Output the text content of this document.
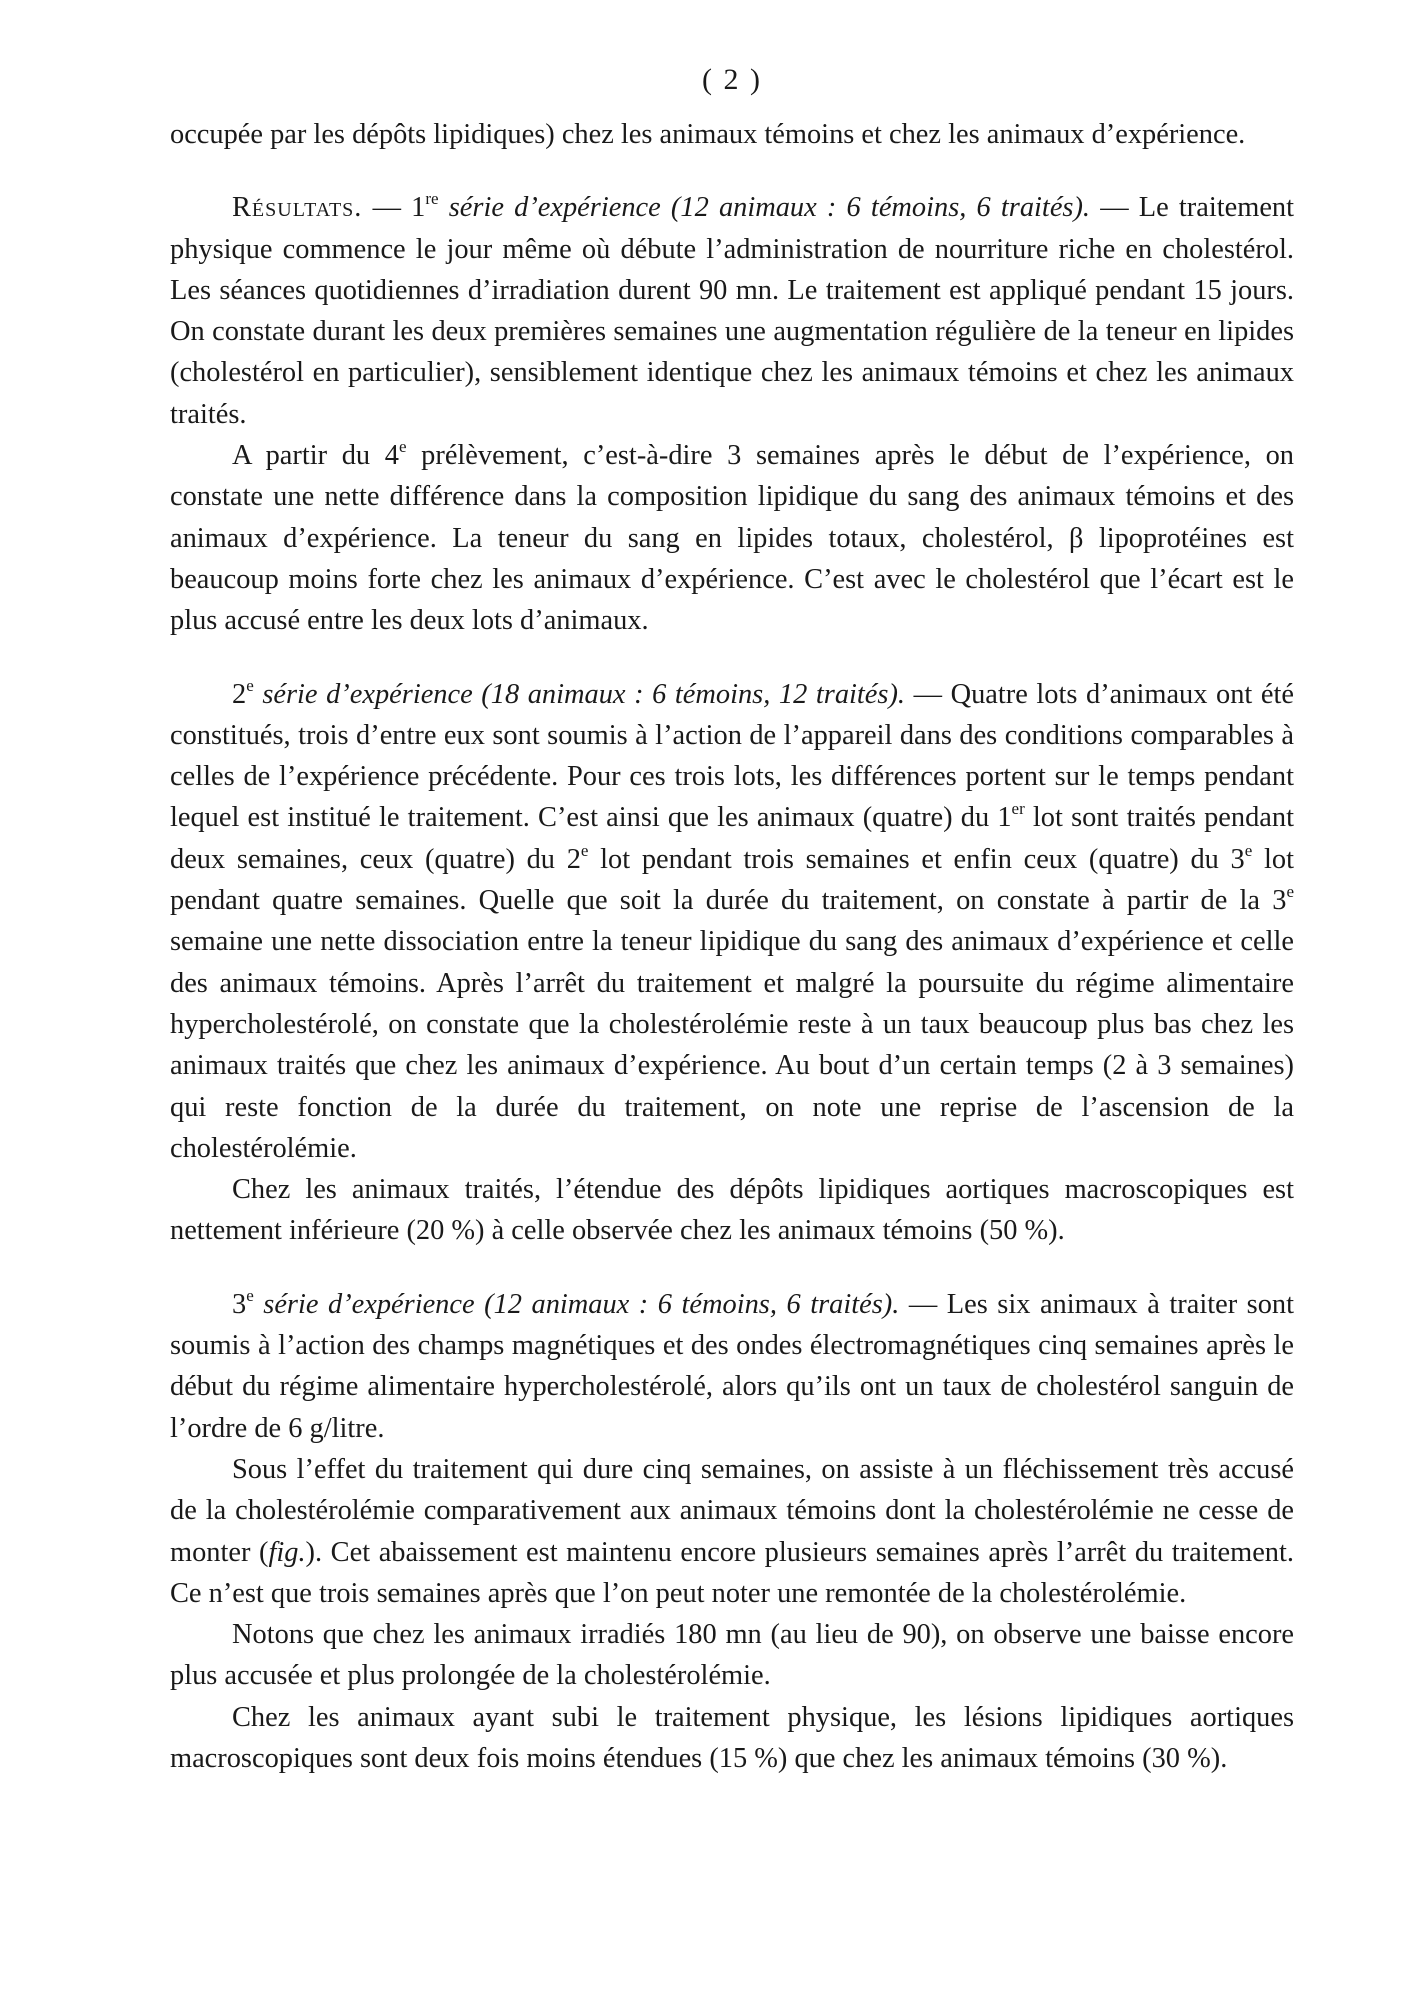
( 2 )

occupée par les dépôts lipidiques) chez les animaux témoins et chez les animaux d’expérience.

Résultats. — 1re série d’expérience (12 animaux : 6 témoins, 6 traités). — Le traitement physique commence le jour même où débute l’administration de nourriture riche en cholestérol. Les séances quotidiennes d’irradiation durent 90 mn. Le traitement est appliqué pendant 15 jours. On constate durant les deux premières semaines une augmentation régulière de la teneur en lipides (cholestérol en particulier), sensiblement identique chez les animaux témoins et chez les animaux traités.

A partir du 4e prélèvement, c’est-à-dire 3 semaines après le début de l’expérience, on constate une nette différence dans la composition lipidique du sang des animaux témoins et des animaux d’expérience. La teneur du sang en lipides totaux, cholestérol, β lipoprotéines est beaucoup moins forte chez les animaux d’expérience. C’est avec le cholestérol que l’écart est le plus accusé entre les deux lots d’animaux.

2e série d’expérience (18 animaux : 6 témoins, 12 traités). — Quatre lots d’animaux ont été constitués, trois d’entre eux sont soumis à l’action de l’appareil dans des conditions comparables à celles de l’expérience précédente. Pour ces trois lots, les différences portent sur le temps pendant lequel est institué le traitement. C’est ainsi que les animaux (quatre) du 1er lot sont traités pendant deux semaines, ceux (quatre) du 2e lot pendant trois semaines et enfin ceux (quatre) du 3e lot pendant quatre semaines. Quelle que soit la durée du traitement, on constate à partir de la 3e semaine une nette dissociation entre la teneur lipidique du sang des animaux d’expérience et celle des animaux témoins. Après l’arrêt du traitement et malgré la poursuite du régime alimentaire hypercholestérolé, on constate que la cholestérolémie reste à un taux beaucoup plus bas chez les animaux traités que chez les animaux d’expérience. Au bout d’un certain temps (2 à 3 semaines) qui reste fonction de la durée du traitement, on note une reprise de l’ascension de la cholestérolémie.

Chez les animaux traités, l’étendue des dépôts lipidiques aortiques macroscopiques est nettement inférieure (20 %) à celle observée chez les animaux témoins (50 %).

3e série d’expérience (12 animaux : 6 témoins, 6 traités). — Les six animaux à traiter sont soumis à l’action des champs magnétiques et des ondes électromagnétiques cinq semaines après le début du régime alimentaire hypercholestérolé, alors qu’ils ont un taux de cholestérol sanguin de l’ordre de 6 g/litre.

Sous l’effet du traitement qui dure cinq semaines, on assiste à un fléchissement très accusé de la cholestérolémie comparativement aux animaux témoins dont la cholestérolémie ne cesse de monter (fig.). Cet abaissement est maintenu encore plusieurs semaines après l’arrêt du traitement. Ce n’est que trois semaines après que l’on peut noter une remontée de la cholestérolémie.

Notons que chez les animaux irradiés 180 mn (au lieu de 90), on observe une baisse encore plus accusée et plus prolongée de la cholestérolémie.

Chez les animaux ayant subi le traitement physique, les lésions lipidiques aortiques macroscopiques sont deux fois moins étendues (15 %) que chez les animaux témoins (30 %).
